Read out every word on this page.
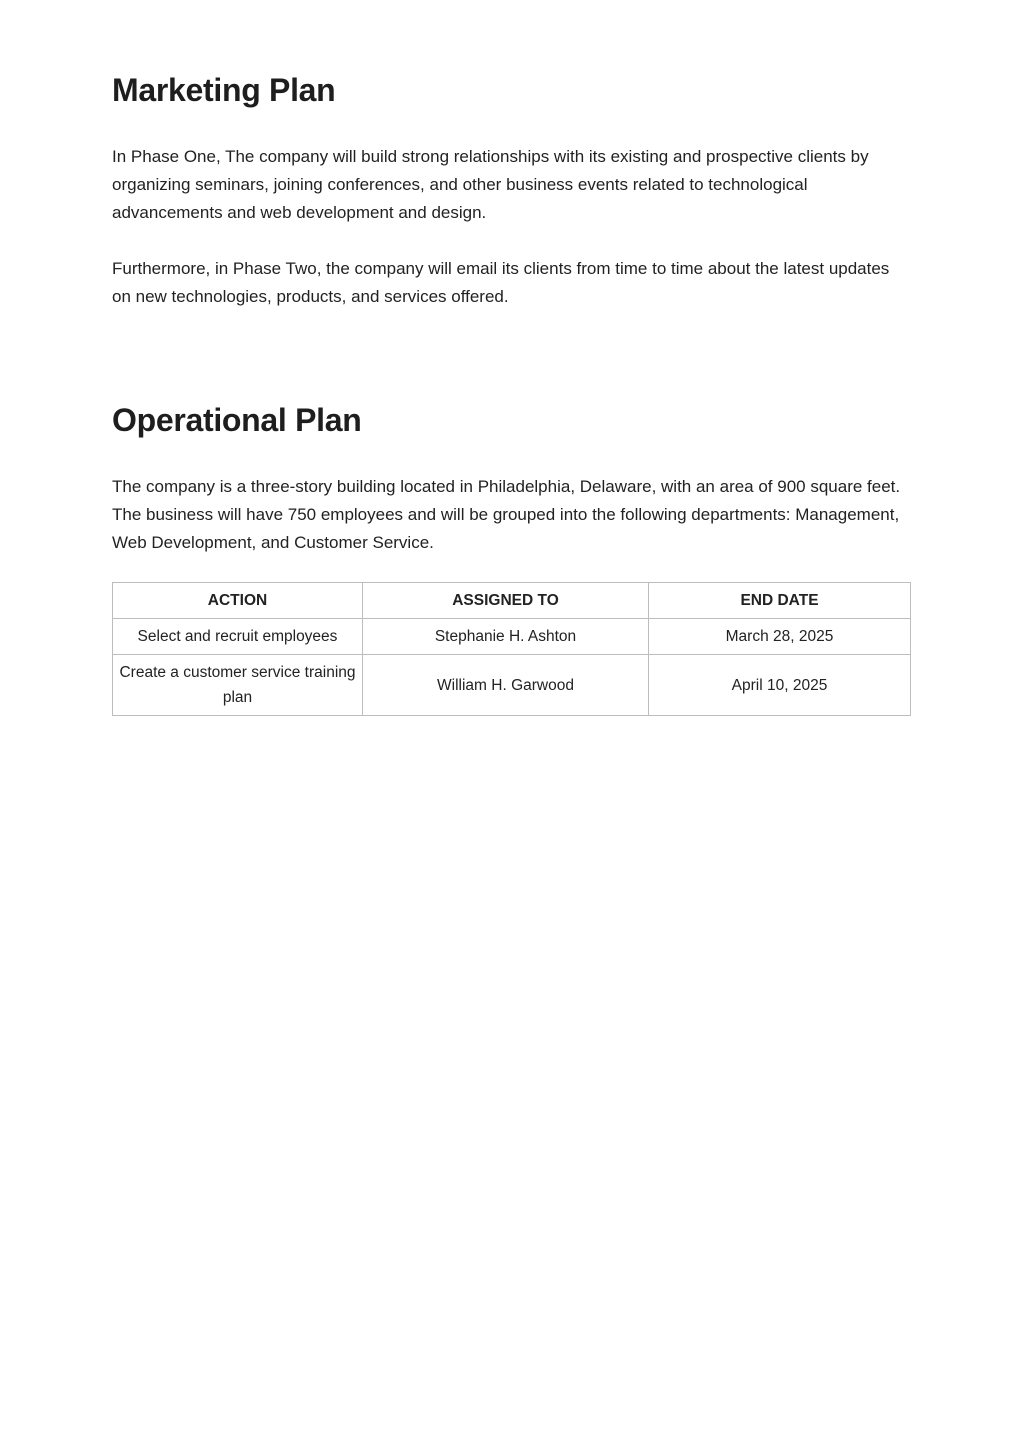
Marketing Plan

In Phase One, The company will build strong relationships with its existing and prospective clients by organizing seminars, joining conferences, and other business events related to technological advancements and web development and design.

Furthermore, in Phase Two, the company will email its clients from time to time about the latest updates on new technologies, products, and services offered.

Operational Plan

The company is a three-story building located in Philadelphia, Delaware, with an area of 900 square feet. The business will have 750 employees and will be grouped into the following departments: Management, Web Development, and Customer Service.

ACTION	ASSIGNED TO	END DATE
Select and recruit employees	Stephanie H. Ashton	March 28, 2025
Create a customer service training plan	William H. Garwood	April 10, 2025
